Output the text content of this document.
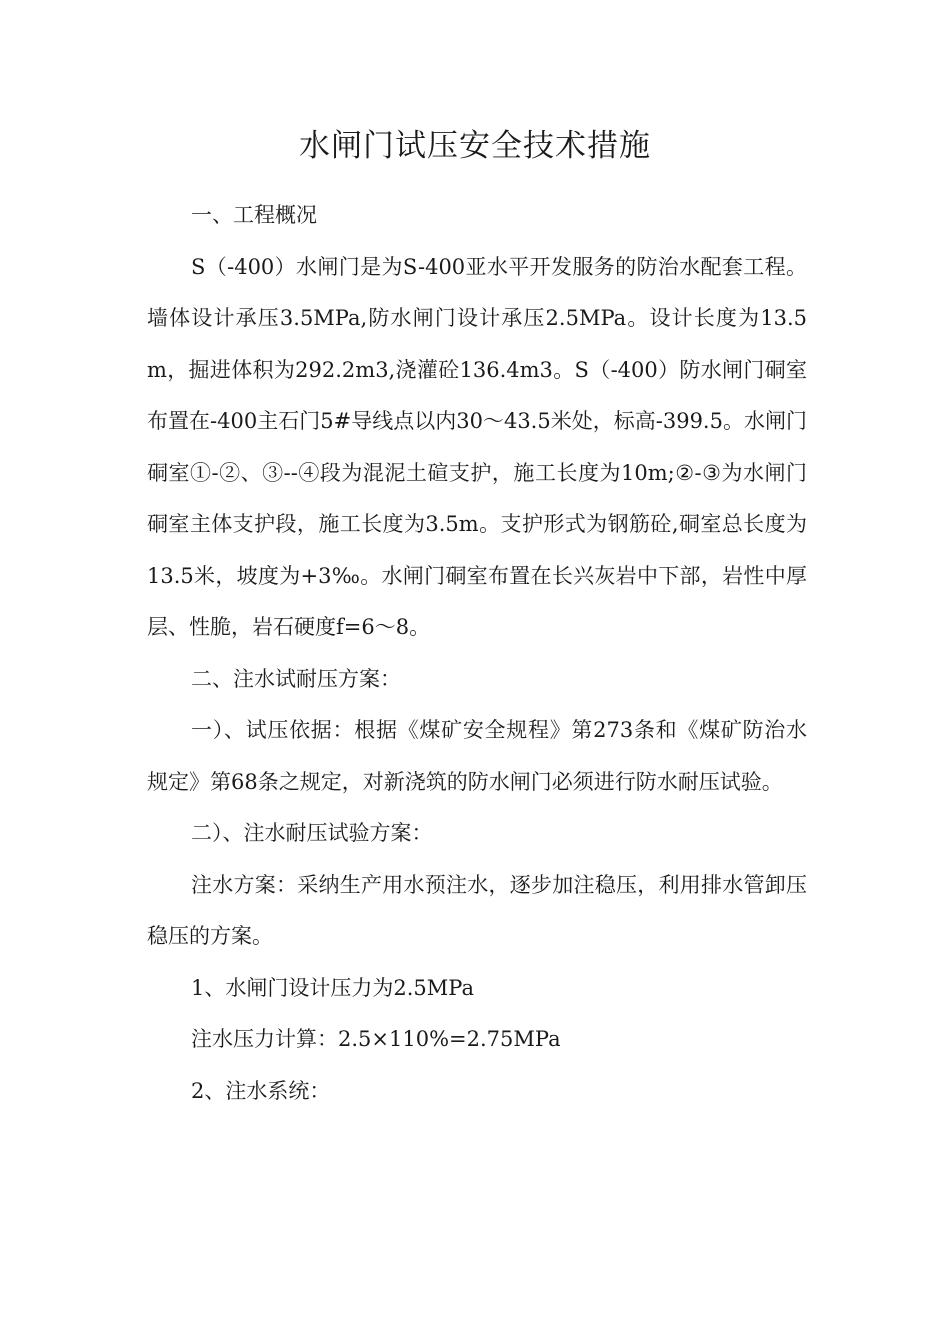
水闸门试压安全技术措施

一、工程概况

S（-400）水闸门是为S-400亚水平开发服务的防治水配套工程。墙体设计承压3.5MPa,防水闸门设计承压2.5MPa。设计长度为13.5m，掘进体积为292.2m3,浇灌砼136.4m3。S（-400）防水闸门硐室布置在-400主石门5#导线点以内30～43.5米处，标高-399.5。水闸门硐室①-②、③--④段为混泥土碹支护，施工长度为10m;②-③为水闸门硐室主体支护段，施工长度为3.5m。支护形式为钢筋砼,硐室总长度为13.5米，坡度为+3‰。水闸门硐室布置在长兴灰岩中下部，岩性中厚层、性脆，岩石硬度f=6～8。

二、注水试耐压方案：

一）、试压依据：根据《煤矿安全规程》第273条和《煤矿防治水规定》第68条之规定，对新浇筑的防水闸门必须进行防水耐压试验。

二）、注水耐压试验方案：

注水方案：采纳生产用水预注水，逐步加注稳压，利用排水管卸压稳压的方案。

1、水闸门设计压力为2.5MPa

注水压力计算：2.5×110%=2.75MPa

2、注水系统：
